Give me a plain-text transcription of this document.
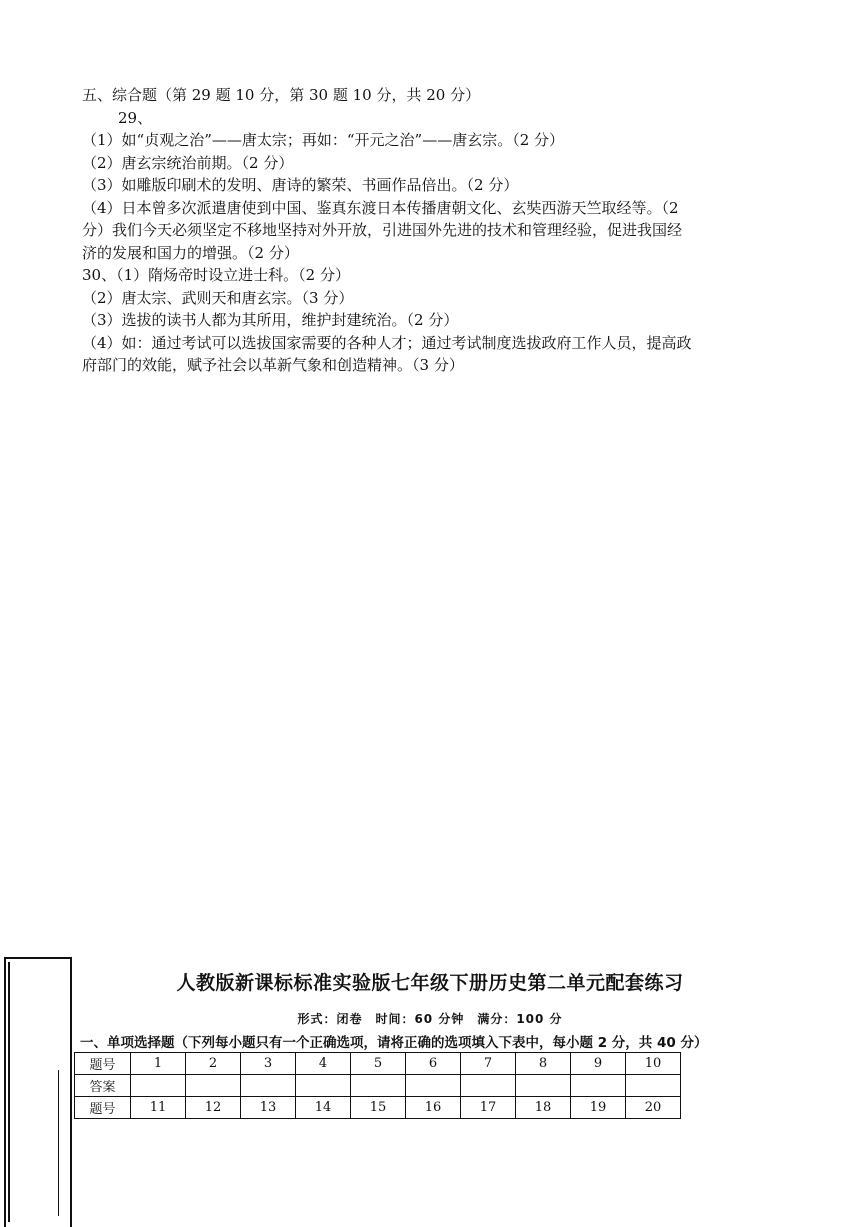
五、综合题（第 29 题 10 分，第 30 题 10 分，共 20 分）

29、

（1）如“贞观之治”——唐太宗；再如：“开元之治”——唐玄宗。（2 分）

（2）唐玄宗统治前期。（2 分）

（3）如雕版印刷术的发明、唐诗的繁荣、书画作品倍出。（2 分）

（4）日本曾多次派遣唐使到中国、鉴真东渡日本传播唐朝文化、玄奘西游天竺取经等。（2

分）我们今天必须坚定不移地坚持对外开放，引进国外先进的技术和管理经验，促进我国经

济的发展和国力的增强。（2 分）

30、（1）隋炀帝时设立进士科。（2 分）

（2）唐太宗、武则天和唐玄宗。（3 分）

（3）选拔的读书人都为其所用，维护封建统治。（2 分）

（4）如：通过考试可以选拔国家需要的各种人才；通过考试制度选拔政府工作人员，提高政

府部门的效能，赋予社会以革新气象和创造精神。（3 分）

人教版新课标标准实验版七年级下册历史第二单元配套练习
形式：闭卷　时间：60 分钟　满分：100 分
一、单项选择题（下列每小题只有一个正确选项，请将正确的选项填入下表中，每小题 2 分，共 40 分）
题号	1	2	3	4	5	6	7	8	9	10
答案										
题号	11	12	13	14	15	16	17	18	19	20
